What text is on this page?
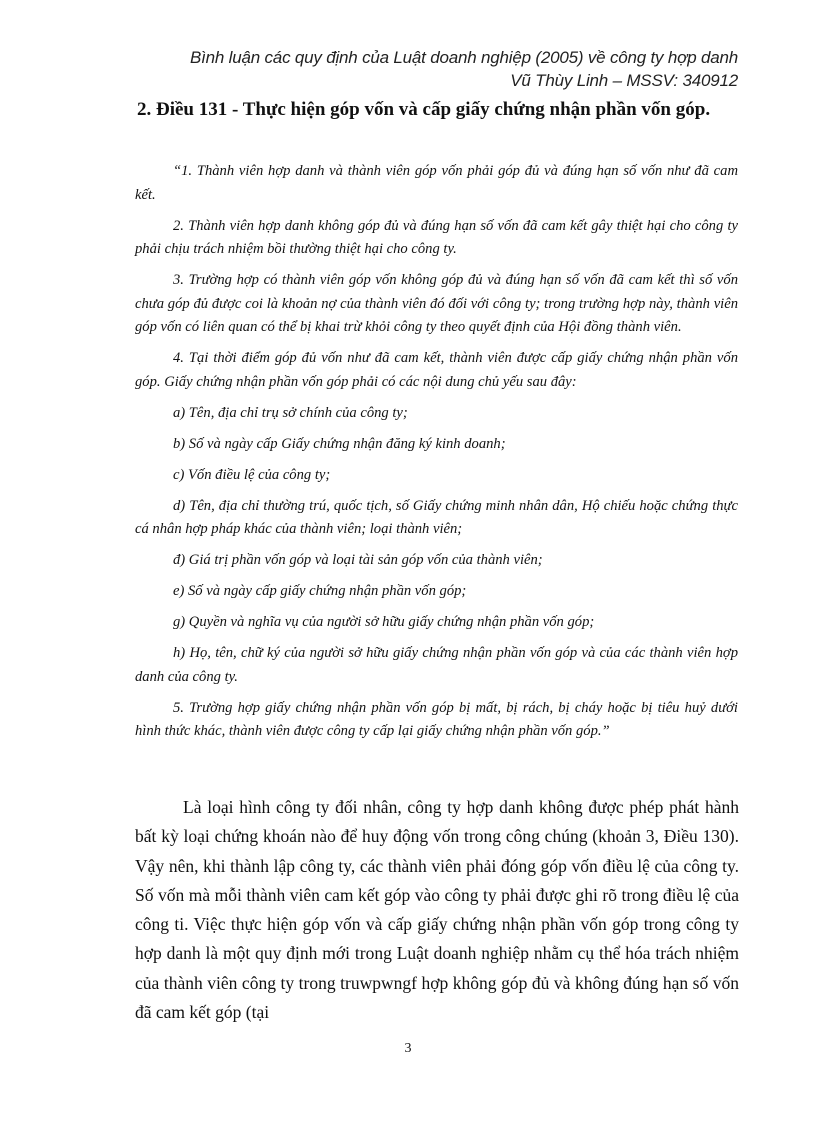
Bình luận các quy định của Luật doanh nghiệp (2005) về công ty hợp danh
Vũ Thùy Linh – MSSV: 340912
2. Điều 131 - Thực hiện góp vốn và cấp giấy chứng nhận phần vốn góp.

“1. Thành viên hợp danh và thành viên góp vốn phải góp đủ và đúng hạn số vốn như đã cam kết.

2. Thành viên hợp danh không góp đủ và đúng hạn số vốn đã cam kết gây thiệt hại cho công ty phải chịu trách nhiệm bồi thường thiệt hại cho công ty.

3. Trường hợp có thành viên góp vốn không góp đủ và đúng hạn số vốn đã cam kết thì số vốn chưa góp đủ được coi là khoản nợ của thành viên đó đối với công ty; trong trường hợp này, thành viên góp vốn có liên quan có thể bị khai trừ khỏi công ty theo quyết định của Hội đồng thành viên.

4. Tại thời điểm góp đủ vốn như đã cam kết, thành viên được cấp giấy chứng nhận phần vốn góp. Giấy chứng nhận phần vốn góp phải có các nội dung chủ yếu sau đây:

a) Tên, địa chỉ trụ sở chính của công ty;

b) Số và ngày cấp Giấy chứng nhận đăng ký kinh doanh;

c) Vốn điều lệ của công ty;

d) Tên, địa chỉ thường trú, quốc tịch, số Giấy chứng minh nhân dân, Hộ chiếu hoặc chứng thực cá nhân hợp pháp khác của thành viên; loại thành viên;

đ) Giá trị phần vốn góp và loại tài sản góp vốn của thành viên;

e) Số và ngày cấp giấy chứng nhận phần vốn góp;

g) Quyền và nghĩa vụ của người sở hữu giấy chứng nhận phần vốn góp;

h) Họ, tên, chữ ký của người sở hữu giấy chứng nhận phần vốn góp và của các thành viên hợp danh của công ty.

5. Trường hợp giấy chứng nhận phần vốn góp bị mất, bị rách, bị cháy hoặc bị tiêu huỷ dưới hình thức khác, thành viên được công ty cấp lại giấy chứng nhận phần vốn góp.”

Là loại hình công ty đối nhân, công ty hợp danh không được phép phát hành bất kỳ loại chứng khoán nào để huy động vốn trong công chúng (khoản 3, Điều 130). Vậy nên, khi thành lập công ty, các thành viên phải đóng góp vốn điều lệ của công ty. Số vốn mà mỗi thành viên cam kết góp vào công ty phải được ghi rõ trong điều lệ của công ti. Việc thực hiện góp vốn và cấp giấy chứng nhận phần vốn góp trong công ty hợp danh là một quy định mới trong Luật doanh nghiệp nhằm cụ thể hóa trách nhiệm của thành viên công ty trong truwpwngf hợp không góp đủ và không đúng hạn số vốn đã cam kết góp (tại

3
